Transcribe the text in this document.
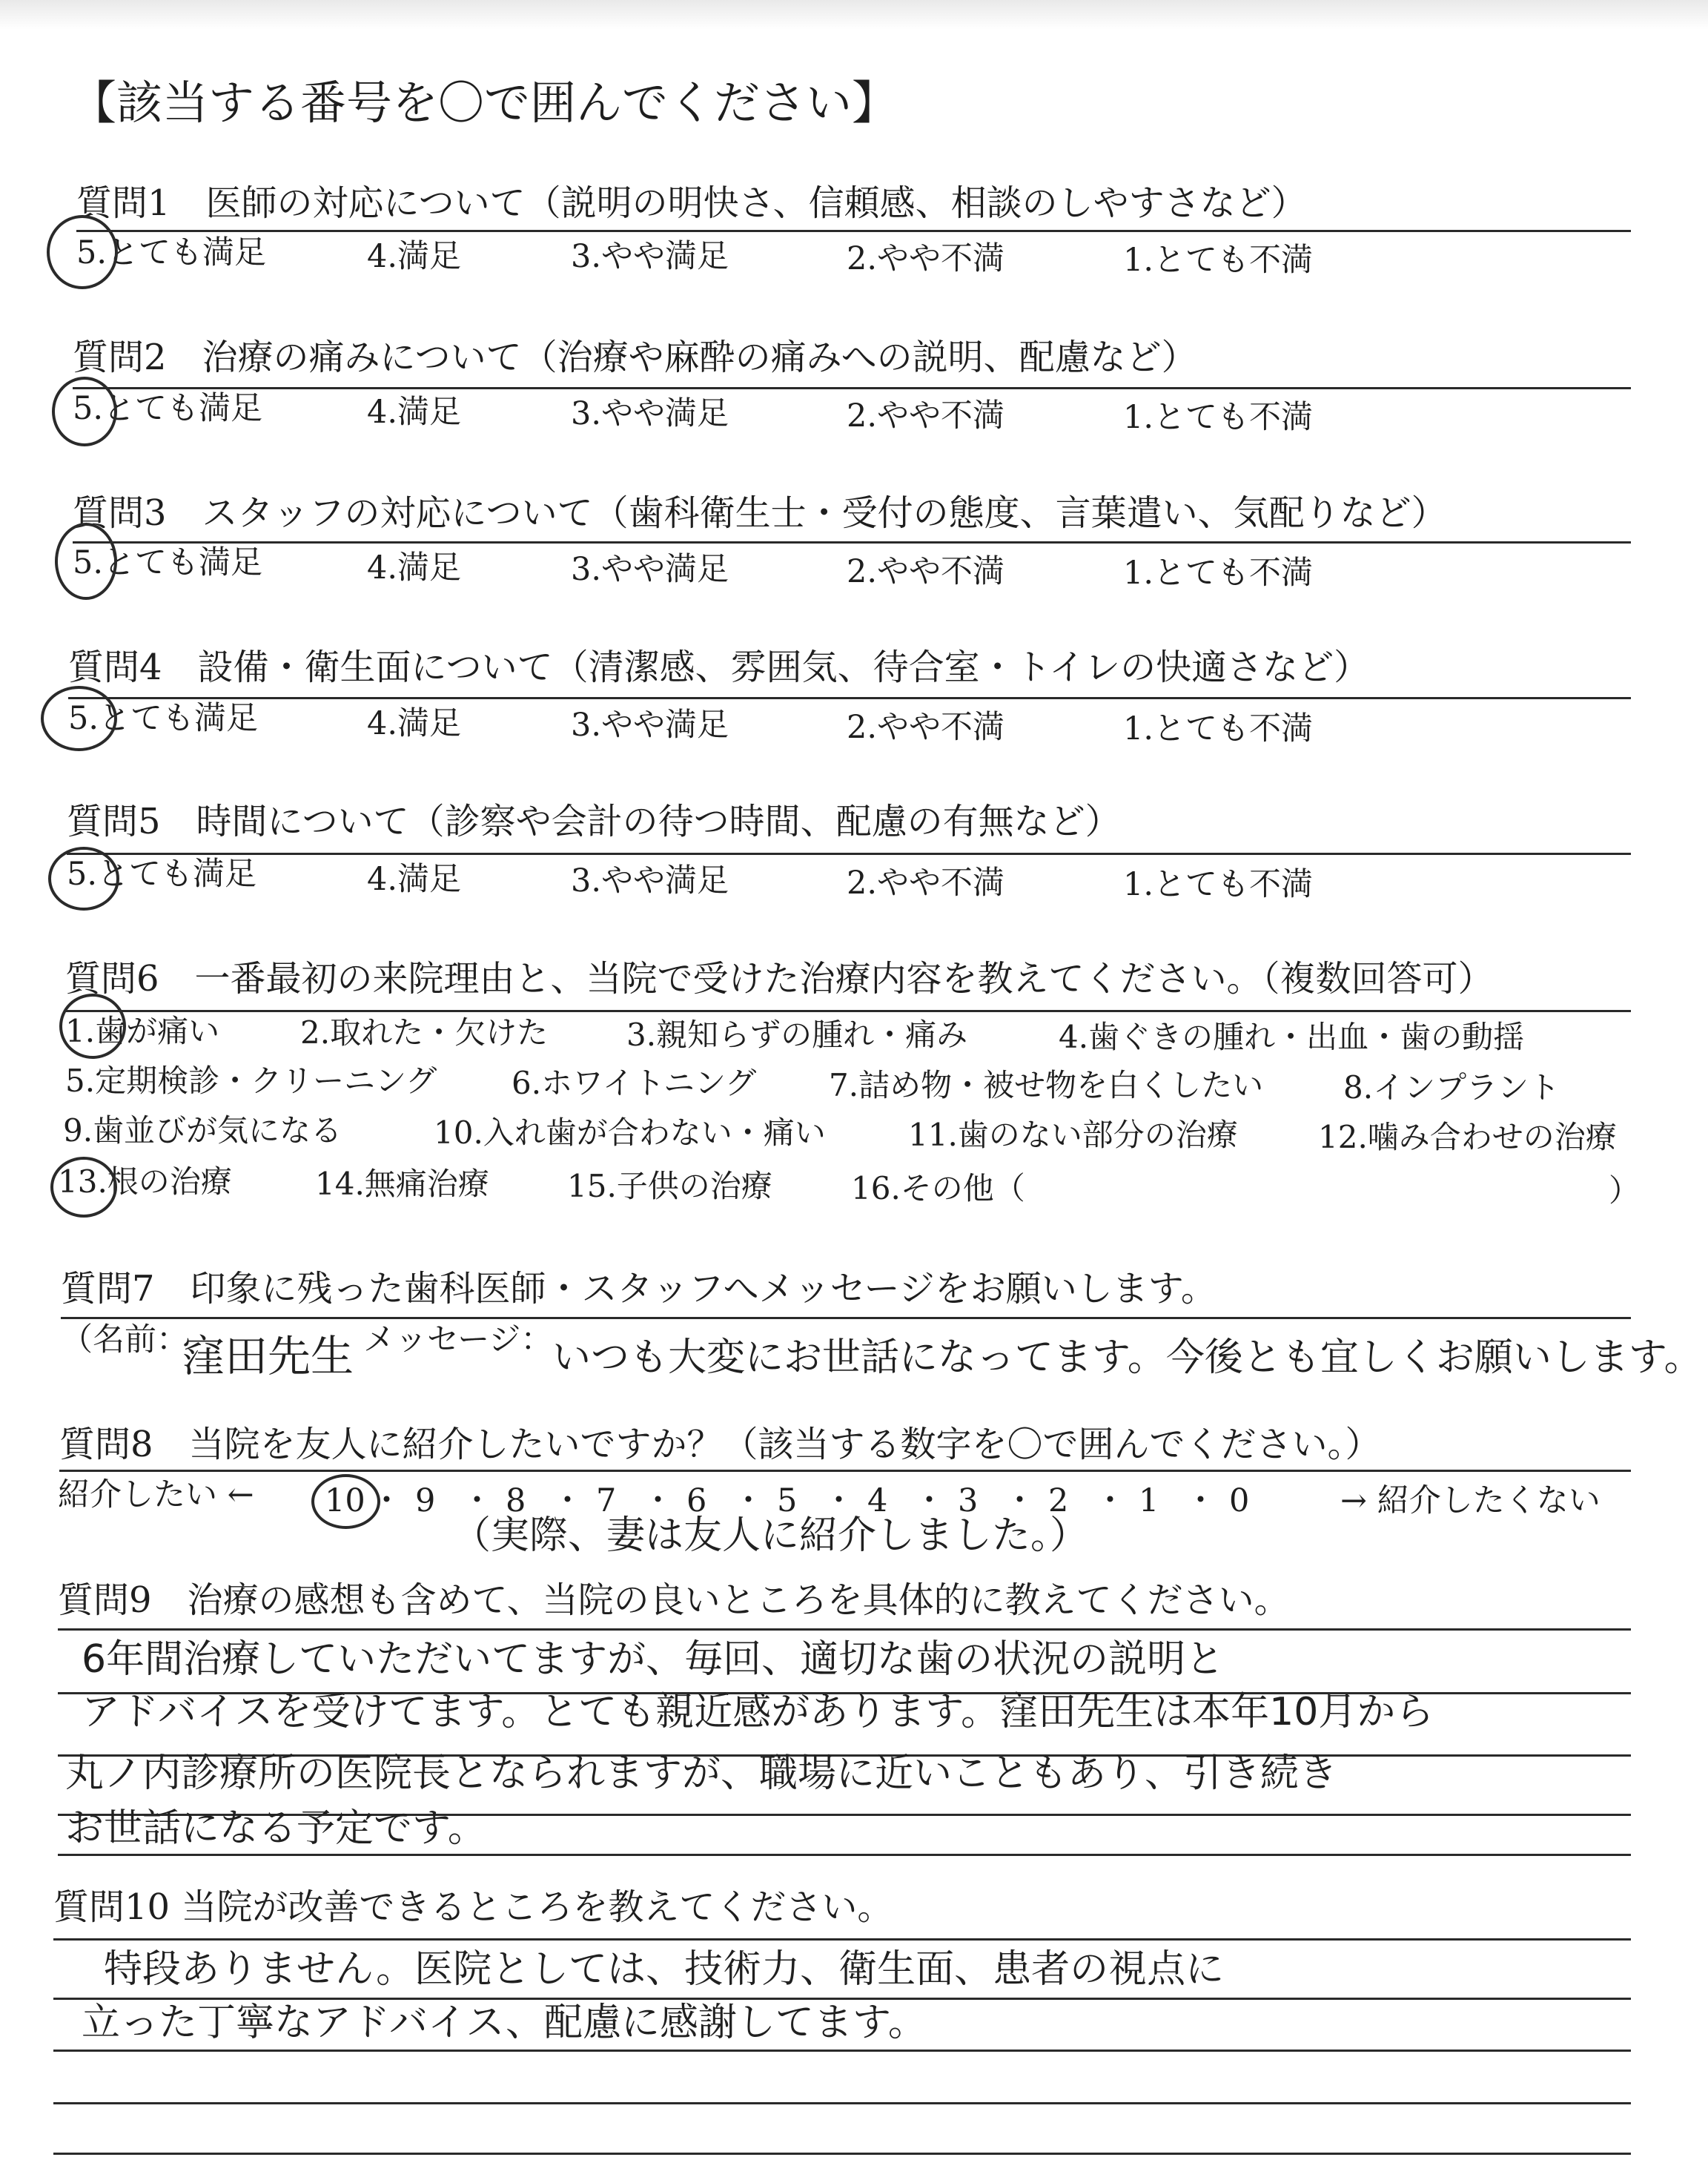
【該当する番号を〇で囲んでください】
質問1　医師の対応について（説明の明快さ、信頼感、相談のしやすさなど）
5.とても満足	4.満足	3.やや満足	2.やや不満	1.とても不満
質問2　治療の痛みについて（治療や麻酔の痛みへの説明、配慮など）
5.とても満足	4.満足	3.やや満足	2.やや不満	1.とても不満
質問3　スタッフの対応について（歯科衛生士・受付の態度、言葉遣い、気配りなど）
5.とても満足	4.満足	3.やや満足	2.やや不満	1.とても不満
質問4　設備・衛生面について（清潔感、雰囲気、待合室・トイレの快適さなど）
5.とても満足	4.満足	3.やや満足	2.やや不満	1.とても不満
質問5　時間について（診察や会計の待つ時間、配慮の有無など）
5.とても満足	4.満足	3.やや満足	2.やや不満	1.とても不満
質問6　一番最初の来院理由と、当院で受けた治療内容を教えてください。（複数回答可）
1.歯が痛い	2.取れた・欠けた	3.親知らずの腫れ・痛み	4.歯ぐきの腫れ・出血・歯の動揺
5.定期検診・クリーニング 6.ホワイトニング 7.詰め物・被せ物を白くしたい	8.インプラント
9.歯並びが気になる	10.入れ歯が合わない・痛い	11.歯のない部分の治療	12.噛み合わせの治療
13.根の治療	14.無痛治療	15.子供の治療	16.その他（	）
質問7　印象に残った歯科医師・スタッフへメッセージをお願いします。
（名前：
窪田先生 メッセージ： いつも大変にお世話になってます。今後とも宜しくお願いします。
質問8　当院を友人に紹介したいですか？（該当する数字を〇で囲んでください。）
紹介したい ←	→ 紹介したくない
10 ・ 9 ・ 8 ・ 7 ・ 6 ・ 5 ・ 4 ・ 3 ・ 2 ・ 1 ・ 0
（実際、妻は友人に紹介しました。）
質問9　治療の感想も含めて、当院の良いところを具体的に教えてください。
6年間治療していただいてますが、毎回、適切な歯の状況の説明と
アドバイスを受けてます。とても親近感があります。窪田先生は本年10月から
丸ノ内診療所の医院長となられますが、職場に近いこともあり、引き続き
お世話になる予定です。
質問10 当院が改善できるところを教えてください。
特段ありません。医院としては、技術力、衛生面、患者の視点に
立った丁寧なアドバイス、配慮に感謝してます。
